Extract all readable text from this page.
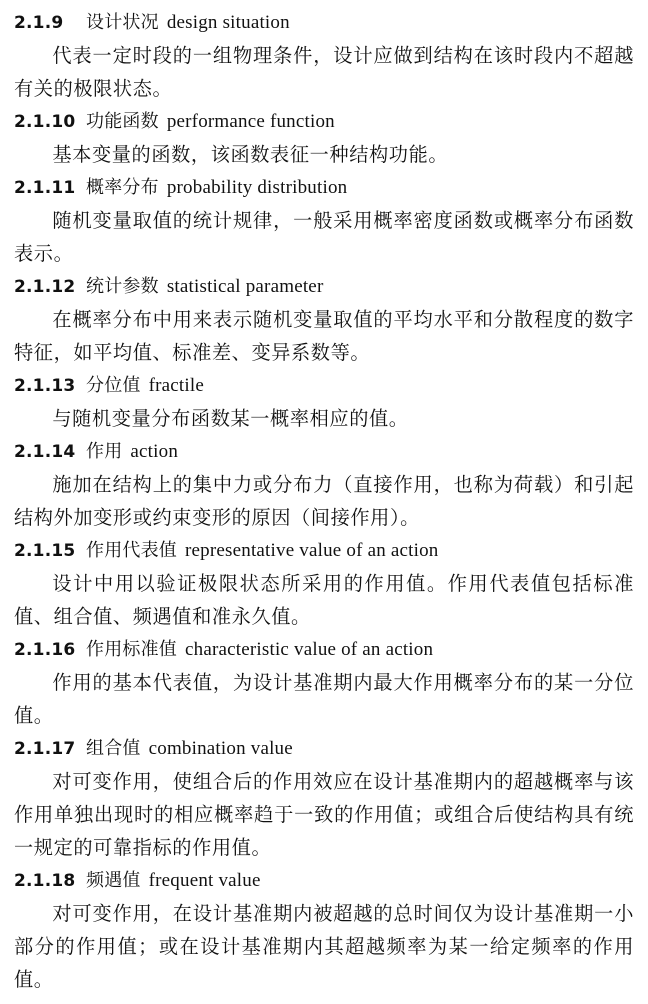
2.1.9 设计状况 design situation

代表一定时段的一组物理条件，设计应做到结构在该时段内不超越有关的极限状态。

2.1.10 功能函数 performance function

基本变量的函数，该函数表征一种结构功能。

2.1.11 概率分布 probability distribution

随机变量取值的统计规律，一般采用概率密度函数或概率分布函数表示。

2.1.12 统计参数 statistical parameter

在概率分布中用来表示随机变量取值的平均水平和分散程度的数字特征，如平均值、标准差、变异系数等。

2.1.13 分位值 fractile

与随机变量分布函数某一概率相应的值。

2.1.14 作用 action

施加在结构上的集中力或分布力（直接作用，也称为荷载）和引起结构外加变形或约束变形的原因（间接作用）。

2.1.15 作用代表值 representative value of an action

设计中用以验证极限状态所采用的作用值。作用代表值包括标准值、组合值、频遇值和准永久值。

2.1.16 作用标准值 characteristic value of an action

作用的基本代表值，为设计基准期内最大作用概率分布的某一分位值。

2.1.17 组合值 combination value

对可变作用，使组合后的作用效应在设计基准期内的超越概率与该作用单独出现时的相应概率趋于一致的作用值；或组合后使结构具有统一规定的可靠指标的作用值。

2.1.18 频遇值 frequent value

对可变作用，在设计基准期内被超越的总时间仅为设计基准期一小部分的作用值；或在设计基准期内其超越频率为某一给定频率的作用值。
